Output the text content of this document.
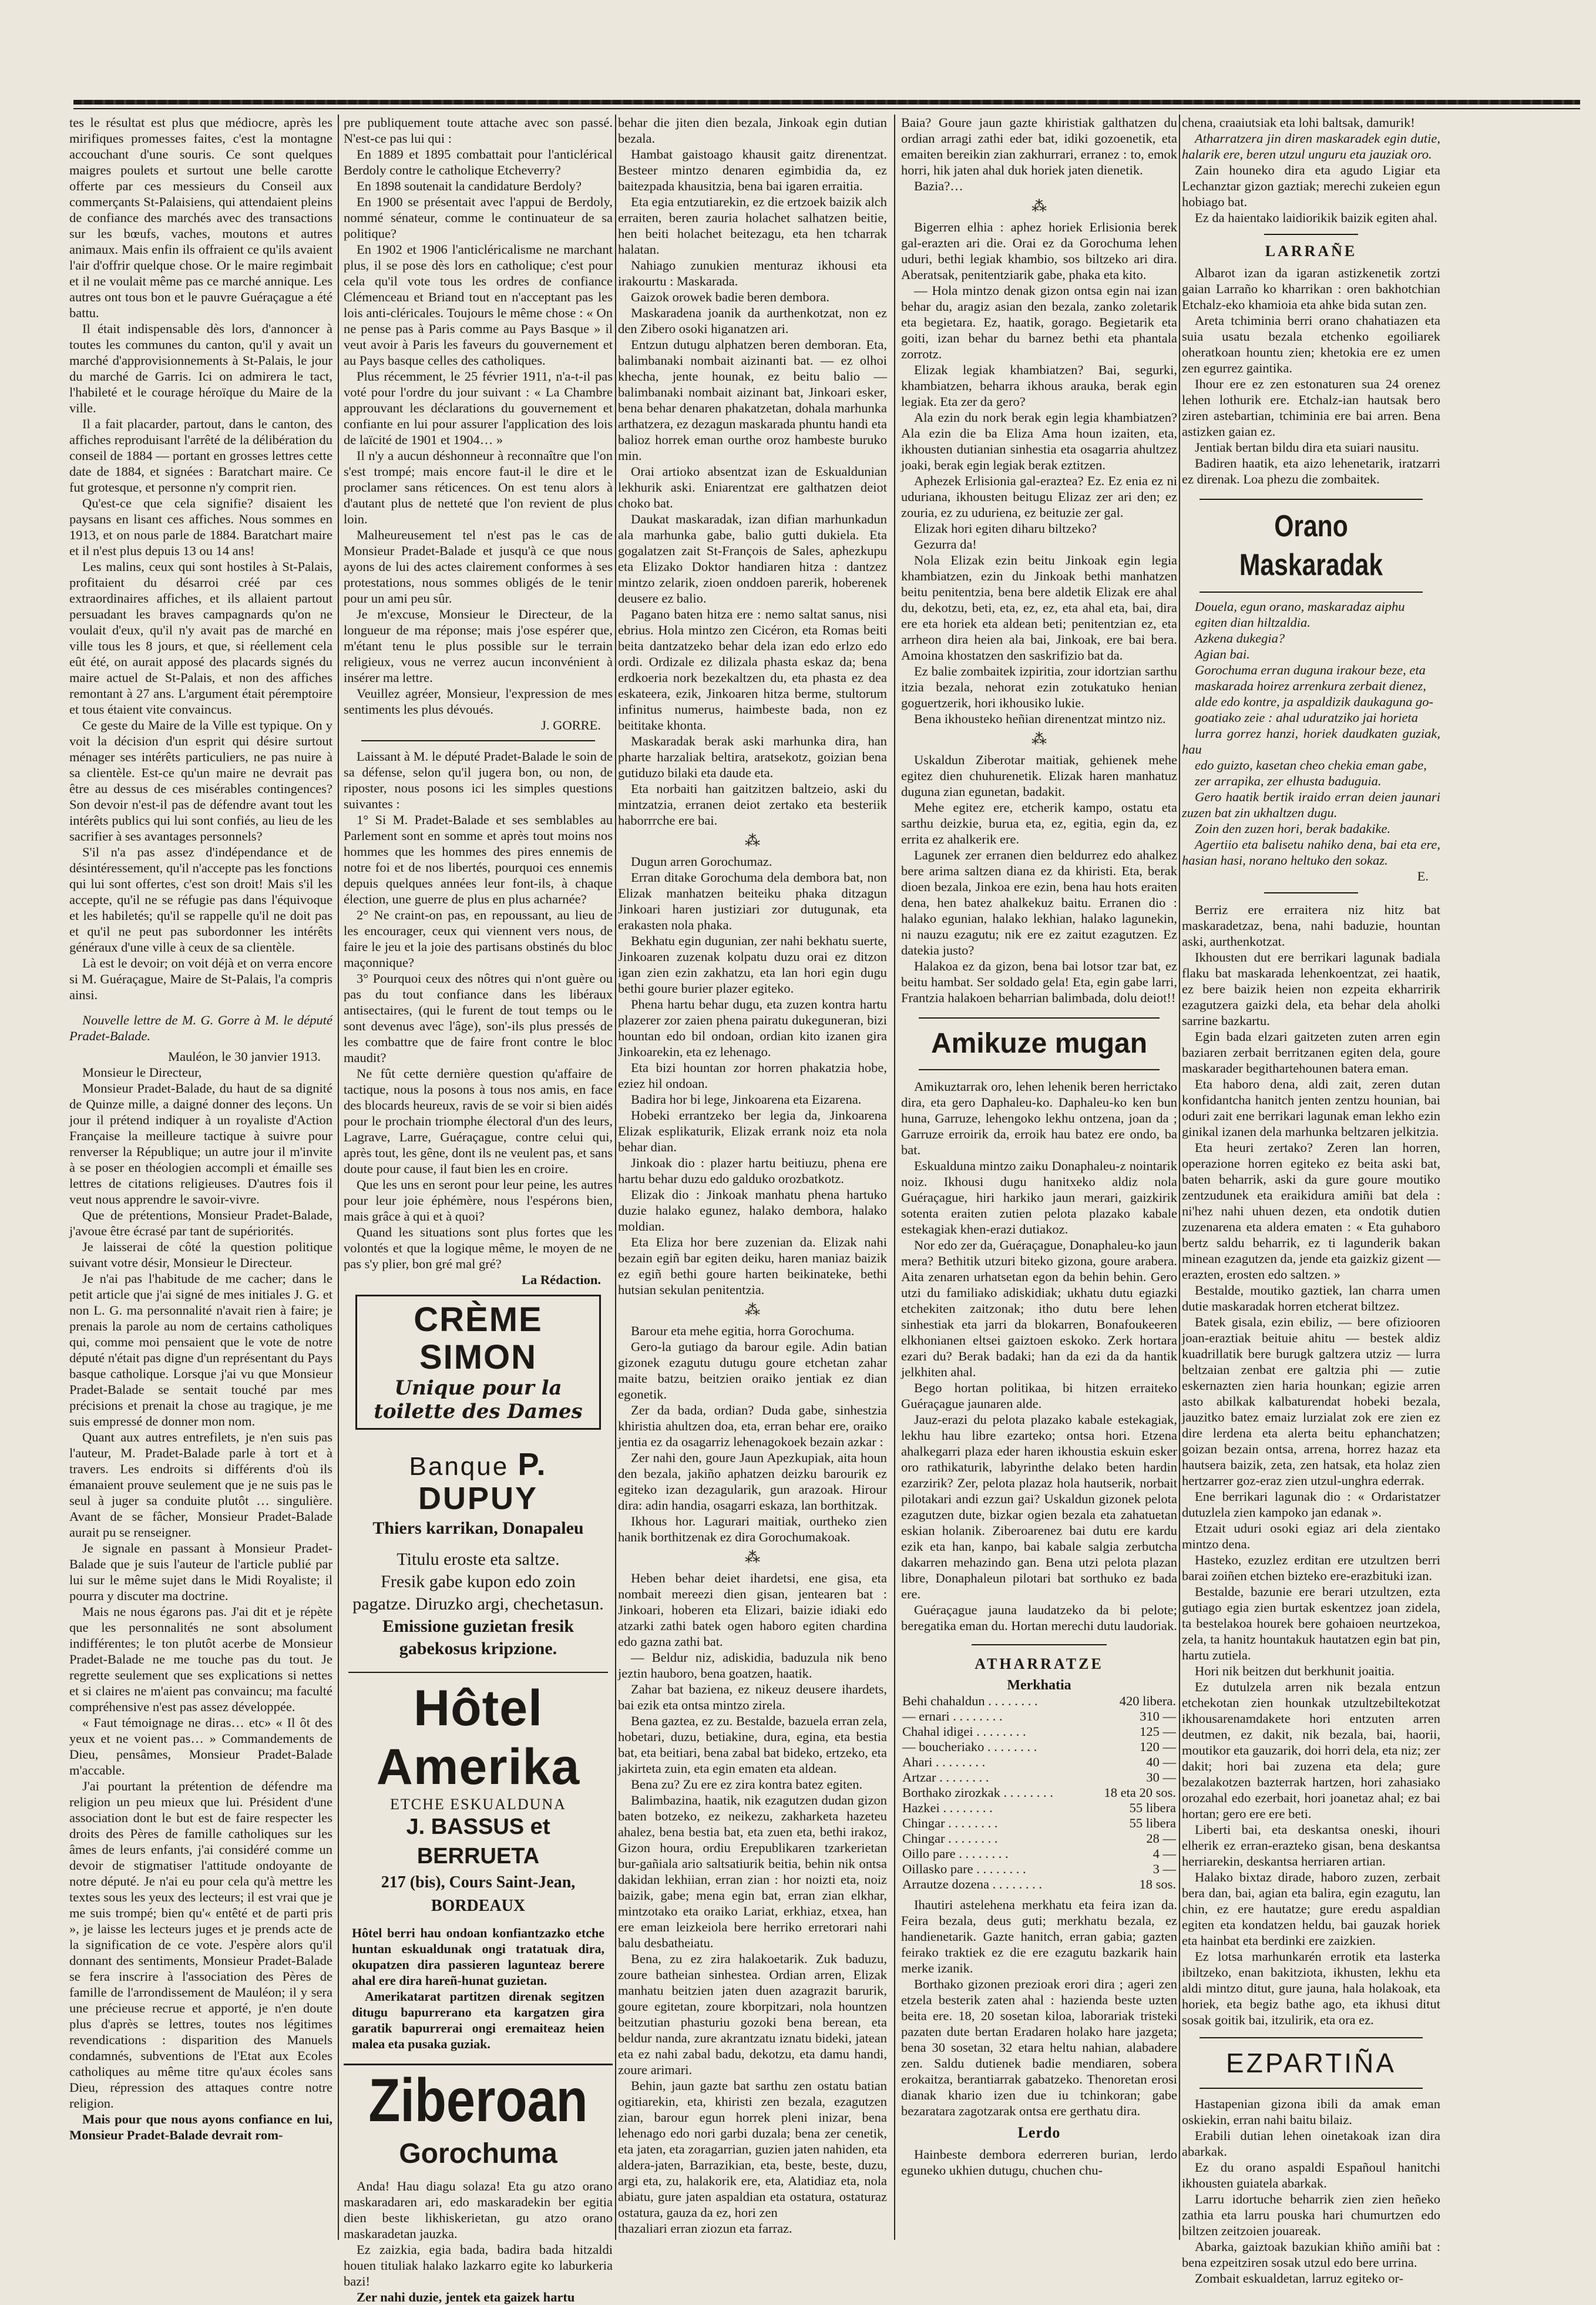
tes le résultat est plus que médiocre, après les mirifiques promesses faites, c'est la montagne accouchant d'une souris. Ce sont quelques maigres poulets et surtout une belle carotte offerte par ces messieurs du Conseil aux commerçants St-Palaisiens, qui attendaient pleins de confiance des marchés avec des transactions sur les bœufs, vaches, moutons et autres animaux. Mais enfin ils offraient ce qu'ils avaient l'air d'offrir quelque chose. Or le maire regimbait et il ne voulait même pas ce marché annique. Les autres ont tous bon et le pauvre Guéraçague a été battu.

Il était indispensable dès lors, d'annoncer à toutes les communes du canton, qu'il y avait un marché d'approvisionnements à St-Palais, le jour du marché de Garris. Ici on admirera le tact, l'habileté et le courage héroïque du Maire de la ville.

Il a fait placarder, partout, dans le canton, des affiches reproduisant l'arrêté de la délibération du conseil de 1884 — portant en grosses lettres cette date de 1884, et signées : Baratchart maire. Ce fut grotesque, et personne n'y comprit rien.

Qu'est-ce que cela signifie? disaient les paysans en lisant ces affiches. Nous sommes en 1913, et on nous parle de 1884. Baratchart maire et il n'est plus depuis 13 ou 14 ans!

Les malins, ceux qui sont hostiles à St-Palais, profitaient du désarroi créé par ces extraordinaires affiches, et ils allaient partout persuadant les braves campagnards qu'on ne voulait d'eux, qu'il n'y avait pas de marché en ville tous les 8 jours, et que, si réellement cela eût été, on aurait apposé des placards signés du maire actuel de St-Palais, et non des affiches remontant à 27 ans. L'argument était péremptoire et tous étaient vite convaincus.

Ce geste du Maire de la Ville est typique. On y voit la décision d'un esprit qui désire surtout ménager ses intérêts particuliers, ne pas nuire à sa clientèle. Est-ce qu'un maire ne devrait pas être au dessus de ces misérables contingences? Son devoir n'est-il pas de défendre avant tout les intérêts publics qui lui sont confiés, au lieu de les sacrifier à ses avantages personnels?

S'il n'a pas assez d'indépendance et de désintéressement, qu'il n'accepte pas les fonctions qui lui sont offertes, c'est son droit! Mais s'il les accepte, qu'il ne se réfugie pas dans l'équivoque et les habiletés; qu'il se rappelle qu'il ne doit pas et qu'il ne peut pas subordonner les intérêts généraux d'une ville à ceux de sa clientèle.

Là est le devoir; on voit déjà et on verra encore si M. Guéraçague, Maire de St-Palais, l'a compris ainsi.

Nouvelle lettre de M. G. Gorre à M. le député Pradet-Balade.

Mauléon, le 30 janvier 1913.

Monsieur le Directeur,

Monsieur Pradet-Balade, du haut de sa dignité de Quinze mille, a daigné donner des leçons. Un jour il prétend indiquer à un royaliste d'Action Française la meilleure tactique à suivre pour renverser la République; un autre jour il m'invite à se poser en théologien accompli et émaille ses lettres de citations religieuses. D'autres fois il veut nous apprendre le savoir-vivre.

Que de prétentions, Monsieur Pradet-Balade, j'avoue être écrasé par tant de supériorités.

Je laisserai de côté la question politique suivant votre désir, Monsieur le Directeur.

Je n'ai pas l'habitude de me cacher; dans le petit article que j'ai signé de mes initiales J. G. et non L. G. ma personnalité n'avait rien à faire; je prenais la parole au nom de certains catholiques qui, comme moi pensaient que le vote de notre député n'était pas digne d'un représentant du Pays basque catholique. Lorsque j'ai vu que Monsieur Pradet-Balade se sentait touché par mes précisions et prenait la chose au tragique, je me suis empressé de donner mon nom.

Quant aux autres entrefilets, je n'en suis pas l'auteur, M. Pradet-Balade parle à tort et à travers. Les endroits si différents d'où ils émanaient prouve seulement que je ne suis pas le seul à juger sa conduite plutôt … singulière. Avant de se fâcher, Monsieur Pradet-Balade aurait pu se renseigner.

Je signale en passant à Monsieur Pradet-Balade que je suis l'auteur de l'article publié par lui sur le même sujet dans le Midi Royaliste; il pourra y discuter ma doctrine.

Mais ne nous égarons pas. J'ai dit et je répète que les personnalités ne sont absolument indifférentes; le ton plutôt acerbe de Monsieur Pradet-Balade ne me touche pas du tout. Je regrette seulement que ses explications si nettes et si claires ne m'aient pas convaincu; ma faculté compréhensive n'est pas assez développée.

« Faut témoignage ne diras… etc» « Il ôt des yeux et ne voient pas… » Commandements de Dieu, pensâmes, Monsieur Pradet-Balade m'accable.

J'ai pourtant la prétention de défendre ma religion un peu mieux que lui. Président d'une association dont le but est de faire respecter les droits des Pères de famille catholiques sur les âmes de leurs enfants, j'ai considéré comme un devoir de stigmatiser l'attitude ondoyante de notre député. Je n'ai eu pour cela qu'à mettre les textes sous les yeux des lecteurs; il est vrai que je me suis trompé; bien qu'« entêté et de parti pris », je laisse les lecteurs juges et je prends acte de la signification de ce vote. J'espère alors qu'il donnant des sentiments, Monsieur Pradet-Balade se fera inscrire à l'association des Pères de famille de l'arrondissement de Mauléon; il y sera une précieuse recrue et apporté, je n'en doute plus d'après se lettres, toutes nos légitimes revendications : disparition des Manuels condamnés, subventions de l'Etat aux Ecoles catholiques au même titre qu'aux écoles sans Dieu, répression des attaques contre notre religion.

Mais pour que nous ayons confiance en lui, Monsieur Pradet-Balade devrait rom-

pre publiquement toute attache avec son passé. N'est-ce pas lui qui :

En 1889 et 1895 combattait pour l'anticlérical Berdoly contre le catholique Etcheverry?

En 1898 soutenait la candidature Berdoly?

En 1900 se présentait avec l'appui de Berdoly, nommé sénateur, comme le continuateur de sa politique?

En 1902 et 1906 l'anticléricalisme ne marchant plus, il se pose dès lors en catholique; c'est pour cela qu'il vote tous les ordres de confiance Clémenceau et Briand tout en n'acceptant pas les lois anti-cléricales. Toujours le même chose : « On ne pense pas à Paris comme au Pays Basque » il veut avoir à Paris les faveurs du gouvernement et au Pays basque celles des catholiques.

Plus récemment, le 25 février 1911, n'a-t-il pas voté pour l'ordre du jour suivant : « La Chambre approuvant les déclarations du gouvernement et confiante en lui pour assurer l'application des lois de laïcité de 1901 et 1904… »

Il n'y a aucun déshonneur à reconnaître que l'on s'est trompé; mais encore faut-il le dire et le proclamer sans réticences. On est tenu alors à d'autant plus de netteté que l'on revient de plus loin.

Malheureusement tel n'est pas le cas de Monsieur Pradet-Balade et jusqu'à ce que nous ayons de lui des actes clairement conformes à ses protestations, nous sommes obligés de le tenir pour un ami peu sûr.

Je m'excuse, Monsieur le Directeur, de la longueur de ma réponse; mais j'ose espérer que, m'étant tenu le plus possible sur le terrain religieux, vous ne verrez aucun inconvénient à insérer ma lettre.

Veuillez agréer, Monsieur, l'expression de mes sentiments les plus dévoués.

J. GORRE.

Laissant à M. le député Pradet-Balade le soin de sa défense, selon qu'il jugera bon, ou non, de riposter, nous posons ici les simples questions suivantes :

1° Si M. Pradet-Balade et ses semblables au Parlement sont en somme et après tout moins nos hommes que les hommes des pires ennemis de notre foi et de nos libertés, pourquoi ces ennemis depuis quelques années leur font-ils, à chaque élection, une guerre de plus en plus acharnée?

2° Ne craint-on pas, en repoussant, au lieu de les encourager, ceux qui viennent vers nous, de faire le jeu et la joie des partisans obstinés du bloc maçonnique?

3° Pourquoi ceux des nôtres qui n'ont guère ou pas du tout confiance dans les libéraux antisectaires, (qui le furent de tout temps ou le sont devenus avec l'âge), son'-ils plus pressés de les combattre que de faire front contre le bloc maudit?

Ne fût cette dernière question qu'affaire de tactique, nous la posons à tous nos amis, en face des blocards heureux, ravis de se voir si bien aidés pour le prochain triomphe électoral d'un des leurs, Lagrave, Larre, Guéraçague, contre celui qui, après tout, les gêne, dont ils ne veulent pas, et sans doute pour cause, il faut bien les en croire.

Que les uns en seront pour leur peine, les autres pour leur joie éphémère, nous l'espérons bien, mais grâce à qui et à quoi?

Quand les situations sont plus fortes que les volontés et que la logique même, le moyen de ne pas s'y plier, bon gré mal gré?

La Rédaction.

CRÈME SIMON
Unique pour la toilette des Dames
Banque P. DUPUY
Thiers karrikan, Donapaleu

Titulu eroste eta saltze.

Fresik gabe kupon edo zoin pagatze. Diruzko argi, chechetasun.

Emissione guzietan fresik gabekosus kripzione.

Hôtel Amerika

ETCHE ESKUALDUNA

J. BASSUS et BERRUETA

217 (bis), Cours Saint-Jean, BORDEAUX

Hôtel berri hau ondoan konfiantzazko etche huntan eskualdunak ongi tratatuak dira, okupatzen dira passieren lagunteaz berere ahal ere dira hareñ-hunat guzietan.

Amerikatarat partitzen direnak segitzen ditugu bapurrerano eta kargatzen gira garatik bapurrerai ongi eremaiteaz heien malea eta pusaka guziak.

Ziberoan
Gorochuma

Anda! Hau diagu solaza! Eta gu atzo orano maskaradaren ari, edo maskaradekin ber egitia dien beste likhiskerietan, gu atzo orano maskaradetan jauzka.

Ez zaizkia, egia bada, badira bada hitzaldi houen tituliak halako lazkarro egite ko laburkeria bazi!

Zer nahi duzie, jentek eta gaizek hartu

behar die jiten dien bezala, Jinkoak egin dutian bezala.

Hambat gaistoago khausit gaitz direnentzat. Besteer mintzo denaren egimbidia da, ez baitezpada khausitzia, bena bai igaren erraitia.

Eta egia entzutiarekin, ez die ertzoek baizik alch erraiten, beren zauria holachet salhatzen beitie, hen beiti holachet beitezagu, eta hen tcharrak halatan.

Nahiago zunukien menturaz ikhousi eta irakourtu : Maskarada.

Gaizok orowek badie beren dembora.

Maskaradena joanik da aurthenkotzat, non ez den Zibero osoki higanatzen ari.

Entzun dutugu alphatzen beren demboran. Eta, balimbanaki nombait aizinanti bat. — ez olhoi khecha, jente hounak, ez beitu balio — balimbanaki nombait aizinant bat, Jinkoari esker, bena behar denaren phakatzetan, dohala marhunka arthatzera, ez dezagun maskarada phuntu handi eta balioz horrek eman ourthe oroz hambeste buruko min.

Orai artioko absentzat izan de Eskualdunian lekhurik aski. Eniarentzat ere galthatzen deiot choko bat.

Daukat maskaradak, izan difian marhunkadun ala marhunka gabe, balio gutti dukiela. Eta gogalatzen zait St-François de Sales, aphezkupu eta Elizako Doktor handiaren hitza : dantzez mintzo zelarik, zioen onddoen parerik, hoberenek deusere ez balio.

Pagano baten hitza ere : nemo saltat sanus, nisi ebrius. Hola mintzo zen Cicéron, eta Romas beiti beita dantzatzeko behar dela izan edo erlzo edo ordi. Ordizale ez dilizala phasta eskaz da; bena erdkoeria nork bezekaltzen du, eta phasta ez dea eskateera, ezik, Jinkoaren hitza berme, stultorum infinitus numerus, haimbeste bada, non ez beititake khonta.

Maskaradak berak aski marhunka dira, han pharte harzaliak beltira, aratsekotz, goizian bena gutiduzo bilaki eta daude eta.

Eta norbaiti han gaitzitzen baltzeio, aski du mintzatzia, erranen deiot zertako eta besteriik haborrrche ere bai.

⁂

Dugun arren Gorochumaz.

Erran ditake Gorochuma dela dembora bat, non Elizak manhatzen beiteiku phaka ditzagun Jinkoari haren justiziari zor dutugunak, eta erakasten nola phaka.

Bekhatu egin dugunian, zer nahi bekhatu suerte, Jinkoaren zuzenak kolpatu duzu orai ez ditzon igan zien ezin zakhatzu, eta lan hori egin dugu bethi goure burier plazer egitekо.

Phena hartu behar dugu, eta zuzen kontra hartu plazerer zor zaien phena pairatu dukeguneran, bizi hountan edo bil ondoan, ordian kito izanen gira Jinkoarekin, eta ez lehenago.

Eta bizi hountan zor horren phakatzia hobe, eziez hil ondoan.

Badira hor bi lege, Jinkoarena eta Eizarena.

Hobeki errantzeko ber legia da, Jinkoarena Elizak esplikaturik, Elizak errank noiz eta nola behar dian.

Jinkoak dio : plazer hartu beitiuzu, phena ere hartu behar duzu edo galduko orozbatkotz.

Elizak dio : Jinkoak manhatu phena hartuko duzie halako egunez, halako dembora, halako moldian.

Eta Eliza hor bere zuzenian da. Elizak nahi bezain egiñ bar egiten deiku, haren maniaz baizik ez egiñ bethi goure harten beikinateke, bethi hutsian sekulan penitentzia.

⁂

Barour eta mehe egitia, horra Gorochuma.

Gero-la gutiago da barour egile. Adin batian gizonek ezagutu dutugu goure etchetan zahar maite batzu, beitzien oraiko jentiak ez dian egonetik.

Zer da bada, ordian? Duda gabe, sinhestzia khiristia ahultzen doa, eta, erran behar ere, oraiko jentia ez da osagarriz lehenagokoek bezain azkar :

Zer nahi den, goure Jaun Apezkupiak, aita houn den bezala, jakiño aphatzen deizku barourik ez egiteko izan dezagularik, gun arazoak. Hirour dira: adin handia, osagarri eskaza, lan borthitzak.

Ikhous hor. Lagurari maitiak, ourtheko zien hanik borthitzenak ez dira Gorochumakoak.

⁂

Heben behar deiet ihardetsi, ene gisa, eta nombait mereezi dien gisan, jentearen bat : Jinkoari, hoberen eta Elizari, baizie idiaki edo atzarki zathi batek ogen haboro egiten chardina edo gazna zathi bat.

— Beldur niz, adiskidia, baduzula nik beno jeztin hauboro, bena goatzen, haatik.

Zahar bat baziena, ez nikeuz deusere ihardets, bai ezik eta ontsa mintzo zirela.

Bena gaztea, ez zu. Bestalde, bazuela erran zela, hobetari, duzu, betiakine, dura, egina, eta bestia bat, eta beitiari, bena zabal bat bideko, ertzeko, eta jakirteta zuin, eta egin ematen eta aldean.

Bena zu? Zu ere ez zira kontra batez egiten.

Balimbazina, haatik, nik ezagutzen dudan gizon baten botzeko, ez neikezu, zakharketa hazeteu ahalez, bena bestia bat, eta zuen eta, bethi irakoz, Gizon houra, ordiu Erepublikaren tzarkerietan bur-gañiala ario saltsatiurik beitia, behin nik ontsa dakidan lekhiian, erran zian : hor noizti eta, noiz baizik, gabe; mena egin bat, erran zian elkhar, mintzotako eta oraiko Lariat, erkhiaz, etxea, han ere eman leizkeiola bere herriko erretorari nahi balu desbatheiatu.

Bena, zu ez zira halakoetarik. Zuk baduzu, zoure batheian sinhestea. Ordian arren, Elizak manhatu beitzien jaten duen azagrazit barurik, goure egitetan, zoure kborpitzari, nola hountzen beitzutian phasturiu gozoki bena berean, eta beldur nanda, zure akrantzatu iznatu bideki, jatean eta ez nahi zabal badu, dekotzu, eta damu handi, zoure arimari.

Behin, jaun gazte bat sarthu zen ostatu batian ogitiarekin, eta, khiristi zen bezala, ezagutzen zian, barour egun horrek pleni inizar, bena lehenago edo nori garbi duzala; bena zer cenetik, eta jaten, eta zoragarrian, guzien jaten nahiden, eta aldera-jaten, Barrazikian, eta, beste, beste, duzu, argi eta, zu, halakorik ere, eta, Alatidiaz eta, nola abiatu, gure jaten aspaldian eta ostatura, ostaturaz ostatura, gauza da ez, hori zen

thazaliari erran ziozun eta farraz.

Baia? Goure jaun gazte khiristiak galthatzen du ordian arragi zathi eder bat, idiki gozoenetik, eta emaiten bereikin zian zakhurrari, erranez : to, emok horri, hik jaten ahal duk horiek jaten dienetik.

Bazia?…

⁂

Bigerren elhia : aphez horiek Erlisionia berek gal-erazten ari die. Orai ez da Gorochuma lehen uduri, bethi legiak khambio, sos biltzeko ari dira. Aberatsak, penitentziarik gabe, phaka eta kito.

— Hola mintzo denak gizon ontsa egin nai izan behar du, aragiz asian den bezala, zanko zoletarik eta begietara. Ez, haatik, gorago. Begietarik eta goiti, izan behar du barnez bethi eta phantala zorrotz.

Elizak legiak khambiatzen? Bai, segurki, khambiatzen, beharra ikhous arauka, berak egin legiak. Eta zer da gero?

Ala ezin du nork berak egin legia khambiatzen? Ala ezin die ba Eliza Ama houn izaiten, eta, ikhousten dutianian sinhestia eta osagarria ahultzez joaki, berak egin legiak berak eztitzen.

Aphezek Erlisionia gal-eraztea? Ez. Ez enia ez ni uduriana, ikhousten beitugu Elizaz zer ari den; ez zouria, ez zu udurienа, ez beituzie zer gal.

Elizak hori egiten diharu biltzeko?

Gezurra da!

Nola Elizak ezin beitu Jinkoak egin legia khambiatzen, ezin du Jinkoak bethi manhatzen beitu penitentzia, bena bere aldetik Elizak ere ahal du, dekotzu, beti, eta, ez, ez, eta ahal eta, bai, dira ere eta horiek eta aldean beti; penitentzian ez, eta arrheon dira heien ala bai, Jinkoak, ere bai bera. Amoina khostatzen den saskrifizio bat da.

Ez balie zombaitek izpiritia, zour idortzian sarthu itzia bezala, nehorat ezin zotukatuko henian goguertzerik, hori ikhousiko lukie.

Bena ikhousteko heñian direnentzat mintzo niz.

⁂

Uskaldun Ziberotar maitiak, gehienek mehe egitez dien chuhurenetik. Elizak haren manhatuz duguna zian egunetan, badakit.

Mehe egitez ere, etcherik kampo, ostatu eta sarthu deizkie, burua eta, ez, egitia, egin da, ez errita ez ahalkerik ere.

Lagunek zer erranen dien beldurrez edo ahalkez bere arima saltzen diana ez da khiristi. Eta, berak dioen bezala, Jinkoa ere ezin, bena hau hots eraiten dena, hen batez ahalkekuz baitu. Erranen dio : halako egunian, halako lekhian, halako lagunekin, ni nauzu ezagutu; nik ere ez zaitut ezagutzen. Ez datekia justo?

Halakoa ez da gizon, bena bai lotsor tzar bat, ez beitu hambat. Ser soldado gela! Eta, egin gabe larri, Frantzia halakoen beharrian balimbada, dolu deiot!!

Amikuze mugan

Amikuztarrak oro, lehen lehenik beren herrictako dira, eta gero Daphaleu-ko. Daphaleu-ko ken bun huna, Garruze, lehengoko lekhu ontzena, joan da ; Garruze erroirik da, erroik hau batez ere ondo, ba bat.

Eskualdunа mintzo zaiku Donaphaleu-z nointarik noiz. Ikhousi dugu hanitxeko aldiz nola Guéraçague, hiri harkiko jaun merari, gaizkirik sotenta eraiten zutien pelota plazako kabale estekagiak khen-erazi dutiakoz.

Nor edo zer da, Guéraçague, Donaphaleu-ko jaun mera? Bethitik utzuri biteko gizona, goure arabera. Aita zenaren urhatsetan egon da behin behin. Gero utzi du familiako adiskidiak; ukhatu dutu egiazki etchekiten zaitzonak; itho dutu bere lehen sinhestiak eta jarri da blokarren, Bonafoukeeren elkhonianen eltsei gaiztoen eskoko. Zerk hortara ezari du? Berak badaki; han da ezi da da hantik jelkhiten ahal.

Bego hortan politikaa, bi hitzen erraiteko Guéraçague jaunaren alde.

Jauz-erazi du pelota plazako kabale estekagiak, lekhu hau libre ezarteko; ontsa hori. Etzena ahalkegarri plaza eder haren ikhoustia eskuin esker oro rathikaturik, labyrinthe delako beten hardin ezarzirik? Zer, pelota plazaz hola hautserik, norbait pilotakari andi ezzun gai? Uskaldun gizonek pelota ezagutzen dute, bizkar ogien bezala eta zahatuetan eskian holanik. Ziberoarenez bai dutu ere kardu ezik eta han, kanpo, bai kabale salgia zerbutcha dakarren mehazindo gan. Bena utzi pelota plazan libre, Donaphaleun pilotari bat sorthuko ez bada ere.

Guéraçague jauna laudatzeko da bi pelote; beregatika eman du. Hortan merechi dutu laudoriak.

ATHARRATZE

Merkhatia

Behi chahaldun . . . . . . . .	420 libera.
— ernari . . . . . . . .	310 —
Chahal idigei . . . . . . . .	125 —
— boucheriako . . . . . . . .	120 —
Ahari . . . . . . . .	40 —
Artzar . . . . . . . .	30 —
Borthako zirozkak . . . . . . . .	18 eta 20 sos.
Hazkei . . . . . . . .	55 libera
Chingar . . . . . . . .	55 libera
Chingar . . . . . . . .	28 —
Oillo pare . . . . . . . .	4 —
Oillasko pare . . . . . . . .	3 —
Arrautze dozena . . . . . . . .	18 sos.

Ihautiri astelehena merkhatu eta feira izan da. Feira bezala, deus guti; merkhatu bezala, ez handienetarik. Gazte hanitch, erran gabia; gazten feirako traktiek ez die ere ezagutu bazkarik hain merke izanik.

Borthako gizonen prezioak erori dira ; ageri zen etzela besterik zaten ahal : hazienda beste uzten beita ere. 18, 20 sosetan kiloa, laborariak tristeki pazaten dute bertan Eradaren holako hare jazgeta; bena 30 sosetan, 32 etara heltu nahian, alabadere zen. Saldu dutienek badie mendiaren, sobera erokaitza, berantiarrak gabatzeko. Thenoretan erosi dianak khario izen duе iu tchinkoran; gabe bezaratara zagotzarak ontsa ere gerthatu dira.

Lerdo

Hainbeste dembora ederreren burian, lerdo eguneko ukhien dutugu, chuchen chu-

chena, craaiutsiak eta lohi baltsak, damurik!

Atharratzera jin diren maskaradek egin dutie, halarik ere, beren utzul unguru eta jauziak oro.

Zain houneko dira eta agudo Ligiar eta Lechanztar gizon gaztiak; merechi zukeien egun hobiago bat.

Ez da haientako laidiorikik baizik egiten ahal.

LARRAÑE

Albarot izan da igaran astizkenetik zortzi gaian Larraño ko kharrikan : oren bakhotchian Etchalz-eko khamioia eta ahke bida sutan zen.

Areta tchiminia berri orano chahatiazen eta suia usatu bezala etchenko egoiliarek oheratkoan hountu zien; khetokia ere ez umen zen egurrez gaintika.

Ihour ere ez zen estonaturen sua 24 orenez lehen lothurik ere. Etchalz-ian hautsak bero ziren astebartian, tchiminia ere bai arren. Bena astizken gaian ez.

Jentiak bertan bildu dira eta suiari nausitu.

Badiren haatik, eta aizo lehenetarik, iratzarri ez direnak. Loa phezu die zombaitek.

Orano Maskaradak

Douela, egun orano, maskaradaz aiphu

egiten dian hiltzaldia.

Azkena dukegia?

Agian bai.

Gorochuma erran duguna irakour beze, eta

maskarada hoirez arrenkura zerbait dienez,

alde edo kontre, ja aspaldizik daukaguna go-

goatiako zeie : ahal uduratziko jai horieta

lurra gorrez hanzi, horiek daudkaten guziak, hau

edo guizto, kasetan cheo chekia eman gabe,

zer arrapika, zer elhusta baduguia.

Gero haatik bertik iraido erran deien jaunari zuzen bat zin ukhaltzen dugu.

Zoin den zuzen hori, berak badakike.

Agertiio eta balisetu nahiko dena, bai eta ere, hasian hasi, norano heltuko den sokaz.

E.

Berriz ere erraitera niz hitz bat maskaradetzaz, bena, nahi baduzie, hountan aski, aurthenkotzat.

Ikhousten dut ere berrikari lagunak badiala flaku bat maskarada lehenkoentzat, zei haatik, ez bere baizik heien non ezpeita ekharririk ezagutzera gaizki dela, eta behar dela aholki sarrine bazkartu.

Egin bada elzari gaitzeten zuten arren egin baziaren zerbait berritzanen egiten dela, goure maskarader begithartеhounen batera eman.

Eta haboro dena, aldi zait, zeren dutan konfidantcha hanitch jenten zentzu hounian, bai oduri zait ene berrikari lagunak eman lekho ezin ginikal izanen dela marhunka beltzaren jelkitzia.

Eta heuri zertako? Zeren lan horren, operazione horren egiteko ez beita aski bat, baten beharrik, aski da gure goure moutiko zentzudunek eta eraikidura amiñi bat dela : ni'hez nahi uhuen dezen, eta ondotik dutien zuzenarena eta aldera ematen : « Eta guhaboro bertz saldu beharrik, ez ti lagunderik bakan minean ezagutzen da, jende eta gaizkiz gizent — erazten, erosten edo saltzen. »

Bestalde, moutiko gaztiek, lan charra umen dutie maskaradak horren etcherat biltzez.

Batek gisala, ezin ebiliz, — bere ofiziooren joan-eraztiak beituie ahitu — bestek aldiz kuadrillatik bere burugk galtzera utziz — lurra beltzaian zenbat ere galtzia phi — zutie eskernazten zien haria hounkan; egizie arren asto abilkak kalbaturendat hobeki bezala, jauzitko batez emaiz lurzialat zok ere zien ez dire lerdena eta alerta beitu ephanchatzen; goizan bezain ontsa, arrena, horrez hazaz eta hautsera baizik, zeta, zen hatsak, eta holaz zien hertzarrer goz-eraz zien utzul-unghra ederrak.

Ene berrikari lagunak dio : « Ordaristatzer dutuzlela zien kampoko jan edanak ».

Etzait uduri osoki egiaz ari dela zientako mintzo dena.

Hasteko, ezuzlez erditan ere utzultzen berri barai zoiñen etchen bizteko ere-erazbituki izan.

Bestalde, bazunie ere berari utzultzen, ezta gutiago egia zien burtak eskentzez joan zidela, ta bestelakoa hourek bere gohaioen neurtzekoa, zela, ta hanitz hountakuk hautatzen egin bat pin, hartu zutiela.

Hori nik beitzen dut berkhunit joaitia.

Ez dutulzela arren nik bezala entzun etchekotan zien hounkak utzultzebiltekotzat ikhousarenamdaketе hori entzuten arren deutmen, ez dakit, nik bezala, bai, haorii, moutikor eta gauzarik, doi horri dela, eta niz; zer dakit; hori bai zuzena eta dela; gure bezalakotzen bazterrak hartzen, hori zahasiako orozahal edo ezerbait, hori joanetaz ahal; ez bai hortan; gero ere ere beti.

Liberti bai, eta deskantsa oneski, ihouri elherik ez erran-eraztеko gisan, bena deskantsa herriаrekin, deskantsa herriaren artian.

Halako bixtaz dirade, haboro zuzen, zerbait bera dan, bai, agian eta balira, egin ezagutu, lan chin, ez ere hautatze; gure eredu aspaldian egiten eta kondatzen heldu, bai gauzak horiek eta hainbat eta berdinki ere zaizkien.

Ez lotsa marhunkarén errotik eta lasterka ibiltzeko, enan bakitziota, ikhusten, lekhu eta aldi mintzo ditut, gure jauna, hala holakoak, eta horiek, eta begiz bathe ago, eta ikhusi ditut sosak goitik bai, itzulirik, eta ora ez.

EZPARTIÑA

Hastapenian gizona ibili da amak eman oskiekin, erran nahi baitu bilaiz.

Erabili dutian lehen oinetakoak izan dira abarkak.

Ez du orano aspaldi Españoul hanitchi ikhousten guiatela abarkak.

Larru idortuche beharrik zien zien heñeko zathia eta larru pouska hari chumurtzen edo biltzen zeitzoien jouareak.

Abarka, gaiztoak bazukian khiño amiñi bat : bena ezpeitziren sosak utzul edo bere urrina.

Zombait eskualdetan, larruz egiteko or-
